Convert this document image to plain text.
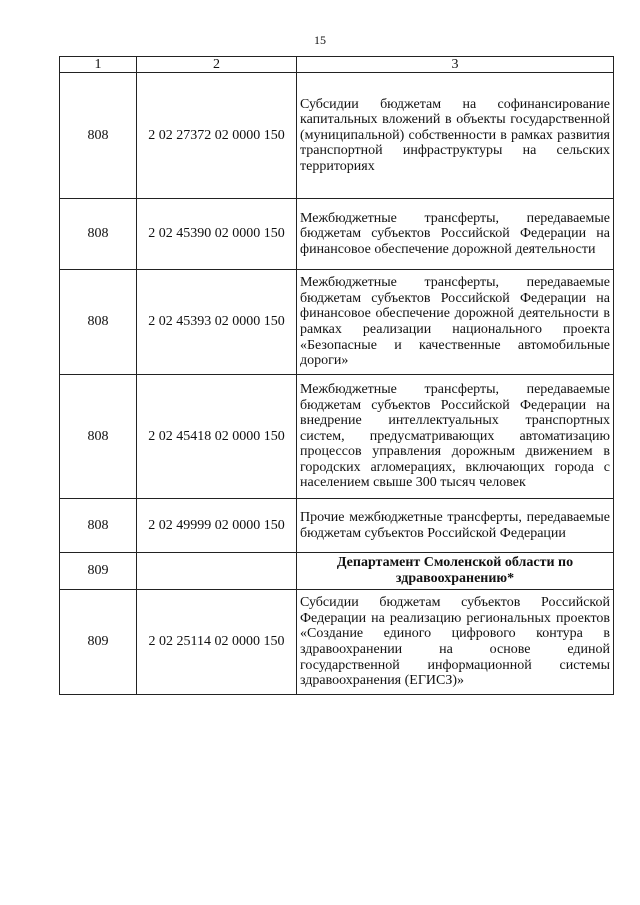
15
1	2	3
808	2 02 27372 02 0000 150	Субсидии бюджетам на софинансирование капитальных вложений в объекты государственной (муниципальной) собственности в рамках развития транспортной инфраструктуры на сельских территориях
808	2 02 45390 02 0000 150	Межбюджетные трансферты, передаваемые бюджетам субъектов Российской Федерации на финансовое обеспечение дорожной деятельности
808	2 02 45393 02 0000 150	Межбюджетные трансферты, передаваемые бюджетам субъектов Российской Федерации на финансовое обеспечение дорожной деятельности в рамках реализации национального проекта «Безопасные и качественные автомобильные дороги»
808	2 02 45418 02 0000 150	Межбюджетные трансферты, передаваемые бюджетам субъектов Российской Федерации на внедрение интеллектуальных транспортных систем, предусматривающих автоматизацию процессов управления дорожным движением в городских агломерациях, включающих города с населением свыше 300 тысяч человек
808	2 02 49999 02 0000 150	Прочие межбюджетные трансферты, передаваемые бюджетам субъектов Российской Федерации
809		Департамент Смоленской области по здравоохранению*
809	2 02 25114 02 0000 150	Субсидии бюджетам субъектов Российской Федерации на реализацию региональных проектов «Создание единого цифрового контура в здравоохранении на основе единой государственной информационной системы здравоохранения (ЕГИСЗ)»
